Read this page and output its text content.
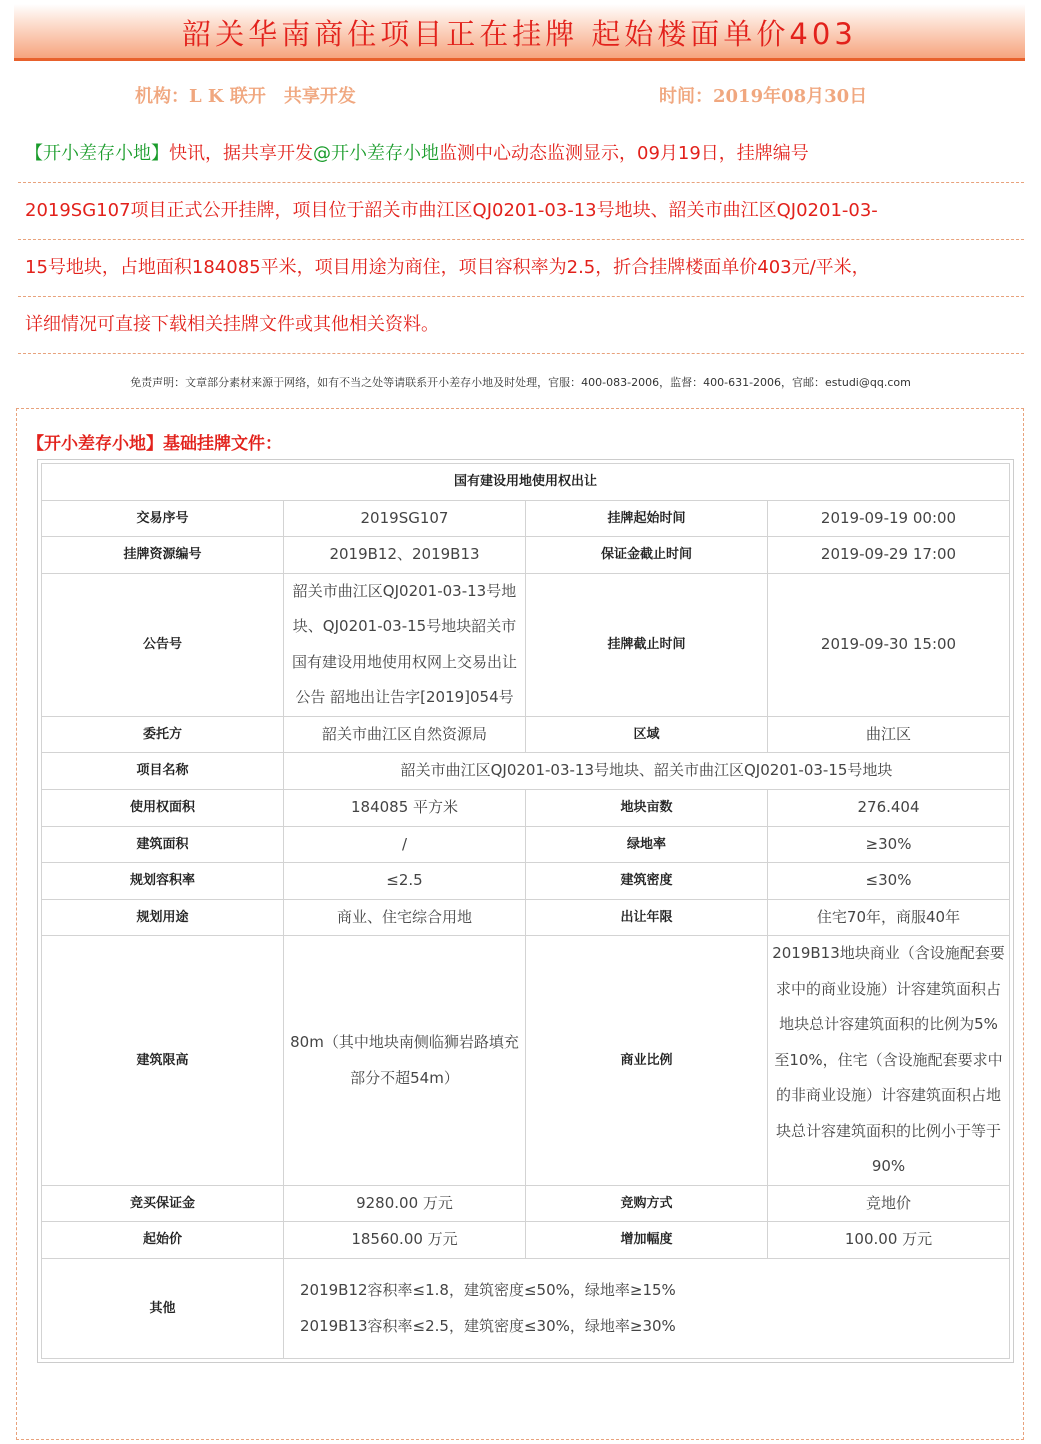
韶关华南商住项目正在挂牌 起始楼面单价403
机构：L K 联开　共享开发	时间：2019年08月30日
【开小差存小地】快讯，据共享开发@开小差存小地监测中心动态监测显示，09月19日，挂牌编号
2019SG107项目正式公开挂牌，项目位于韶关市曲江区QJ0201-03-13号地块、韶关市曲江区QJ0201-03-
15号地块，占地面积184085平米，项目用途为商住，项目容积率为2.5，折合挂牌楼面单价403元/平米，
详细情况可直接下载相关挂牌文件或其他相关资料。
免责声明：文章部分素材来源于网络，如有不当之处等请联系开小差存小地及时处理，官服：400-083-2006，监督：400-631-2006，官邮：estudi@qq.com
【开小差存小地】基础挂牌文件：
国有建设用地使用权出让			
交易序号	2019SG107	挂牌起始时间	2019-09-19 00:00
挂牌资源编号	2019B12、2019B13	保证金截止时间	2019-09-29 17:00
公告号	韶关市曲江区QJ0201-03-13号地块、QJ0201-03-15号地块韶关市国有建设用地使用权网上交易出让公告 韶地出让告字[2019]054号	挂牌截止时间	2019-09-30 15:00
委托方	韶关市曲江区自然资源局	区域	曲江区
项目名称	韶关市曲江区QJ0201-03-13号地块、韶关市曲江区QJ0201-03-15号地块		
使用权面积	184085 平方米	地块亩数	276.404
建筑面积	/	绿地率	≥30%
规划容积率	≤2.5	建筑密度	≤30%
规划用途	商业、住宅综合用地	出让年限	住宅70年，商服40年
建筑限高	80m（其中地块南侧临狮岩路填充部分不超54m）	商业比例	2019B13地块商业（含设施配套要求中的商业设施）计容建筑面积占地块总计容建筑面积的比例为5%至10%，住宅（含设施配套要求中的非商业设施）计容建筑面积占地块总计容建筑面积的比例小于等于90%
竞买保证金	9280.00 万元	竞购方式	竞地价
起始价	18560.00 万元	增加幅度	100.00 万元
其他	2019B12容积率≤1.8，建筑密度≤50%，绿地率≥15%
2019B13容积率≤2.5，建筑密度≤30%，绿地率≥30%		
